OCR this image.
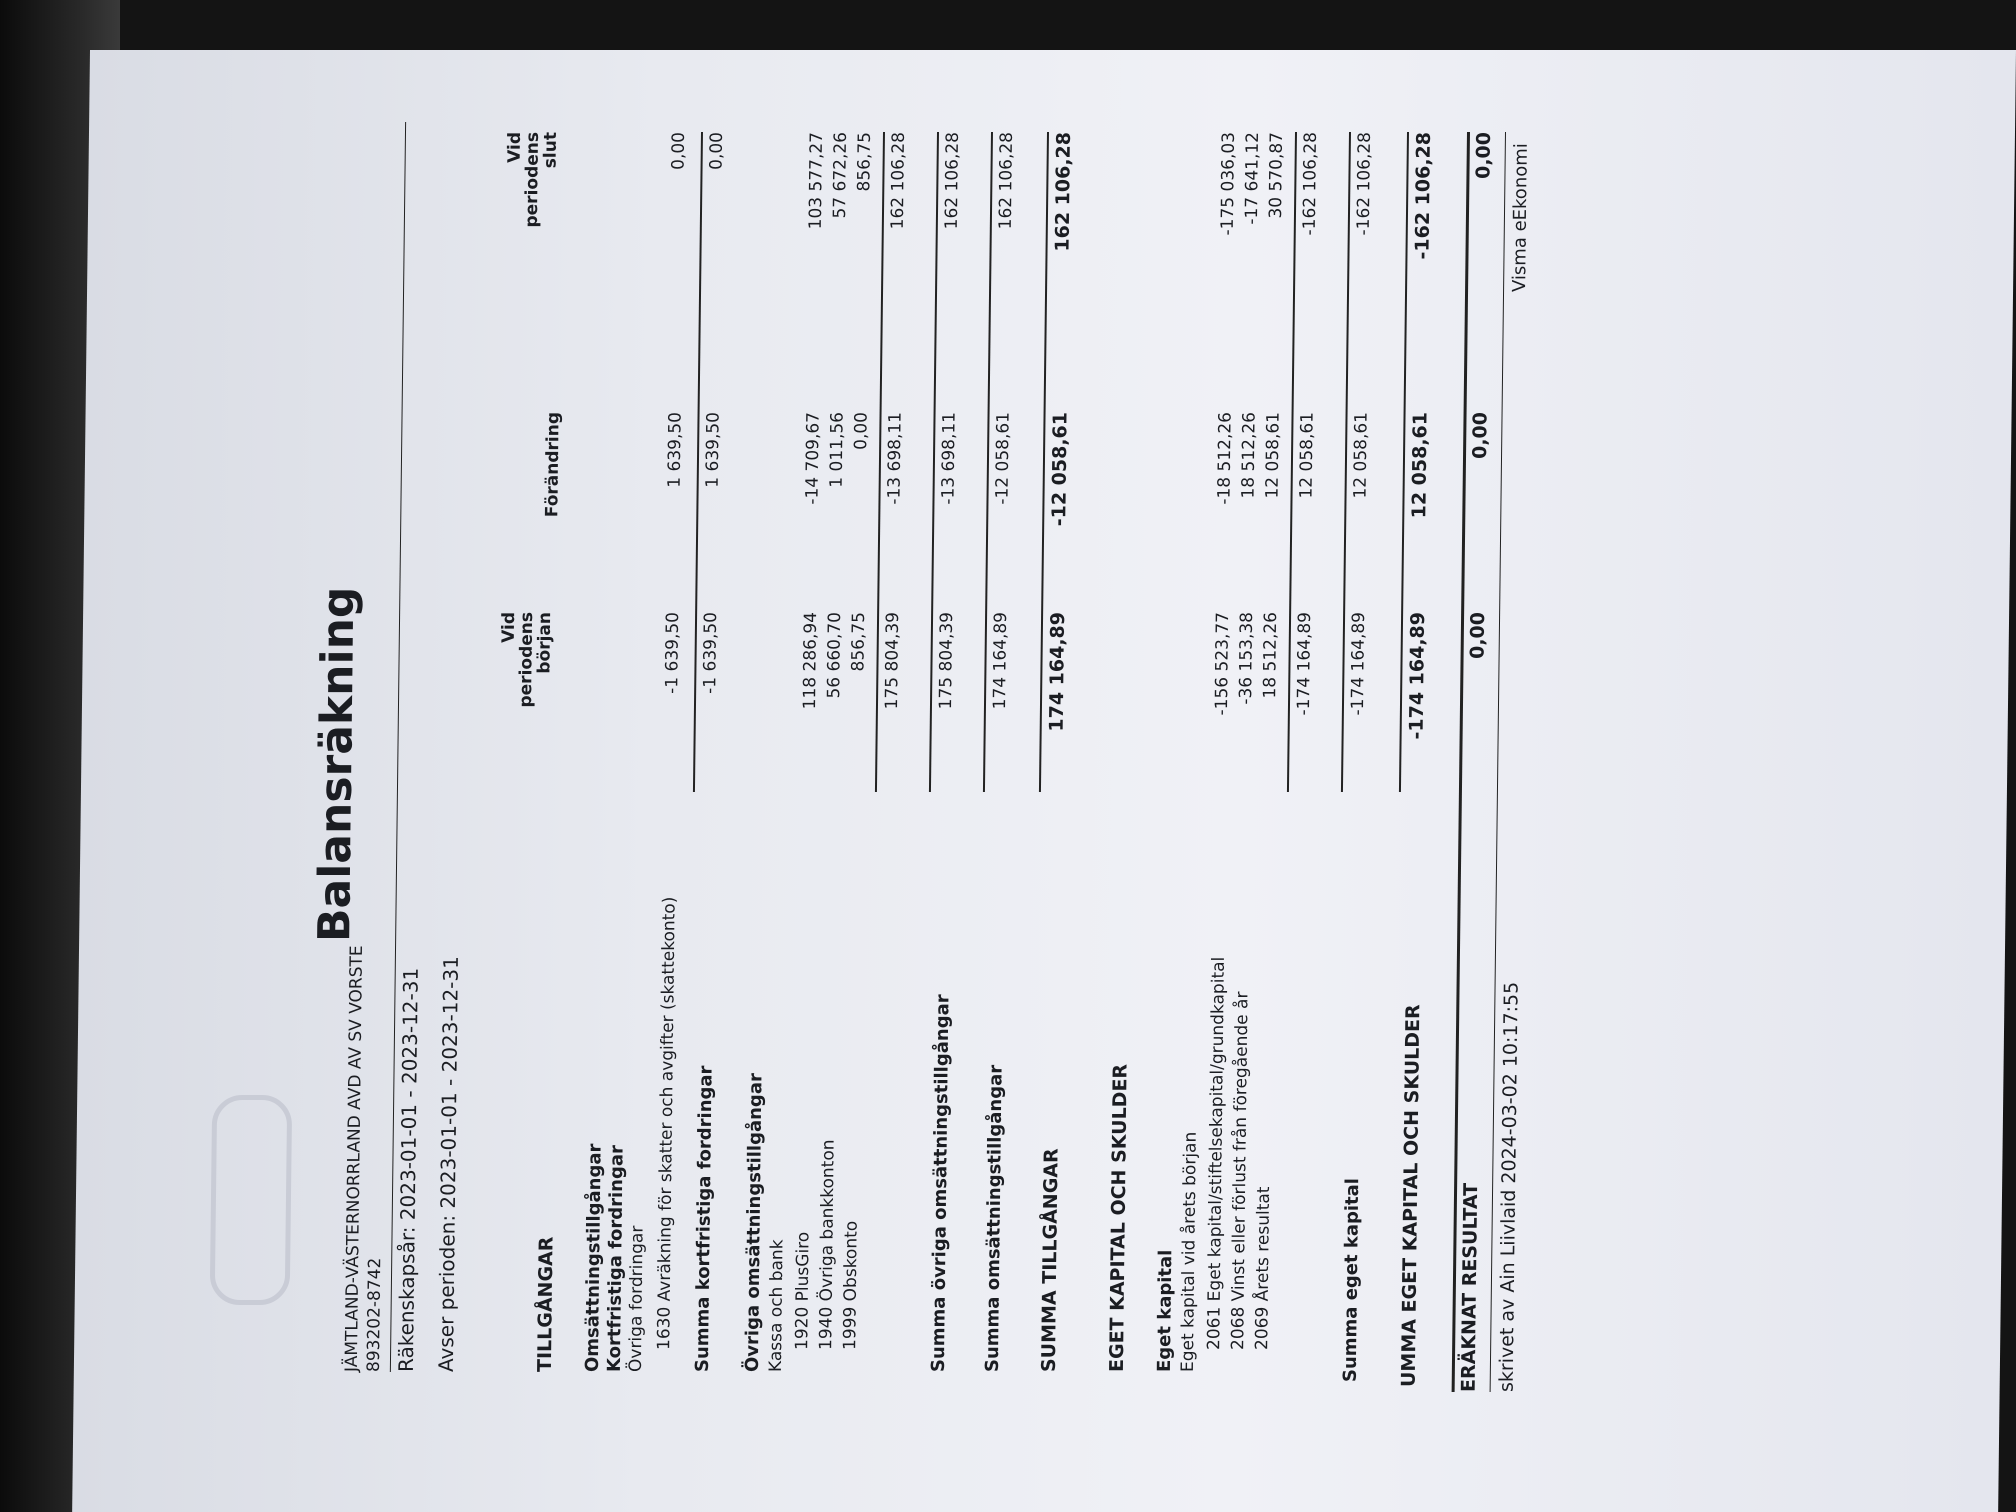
Balansräkning
JÄMTLAND-VÄSTERNORRLAND AVD AV SV VORSTE
893202-8742 Räkenskapsår: 2023-01-01 - 2023-12-31 Avser perioden: 2023-01-01 - 2023-12-31
Vid
periodens
början
Förändring
Vid
periodens
slut
TILLGÅNGAR Omsättningstillgångar
Kortfristiga fordringar
Övriga fordringar 1630 Avräkning för skatter och avgifter (skattekonto)
-1 639,50
1 639,50
0,00
Summa kortfristiga fordringar
-1 639,50
1 639,50
0,00
Övriga omsättningstillgångar Kassa och bank 1920 PlusGiro
118 286,94
-14 709,67
103 577,27
1940 Övriga bankkonton
56 660,70
1 011,56
57 672,26
1999 Obskonto
856,75
0,00
856,75
175 804,39
-13 698,11
162 106,28
Summa övriga omsättningstillgångar
175 804,39
-13 698,11
162 106,28
Summa omsättningstillgångar
174 164,89
-12 058,61
162 106,28
SUMMA TILLGÅNGAR
174 164,89
-12 058,61
162 106,28
EGET KAPITAL OCH SKULDER Eget kapital Eget kapital vid årets början 2061 Eget kapital/stiftelsekapital/grundkapital
-156 523,77
-18 512,26
-175 036,03
2068 Vinst eller förlust från föregående år
-36 153,38
18 512,26
-17 641,12
2069 Årets resultat
18 512,26
12 058,61
30 570,87
-174 164,89
12 058,61
-162 106,28
Summa eget kapital
-174 164,89
12 058,61
-162 106,28
UMMA EGET KAPITAL OCH SKULDER
-174 164,89
12 058,61
-162 106,28
ERÄKNAT RESULTAT
0,00
0,00
0,00
skrivet av Ain Liivlaid 2024-03-02 10:17:55
Visma eEkonomi
